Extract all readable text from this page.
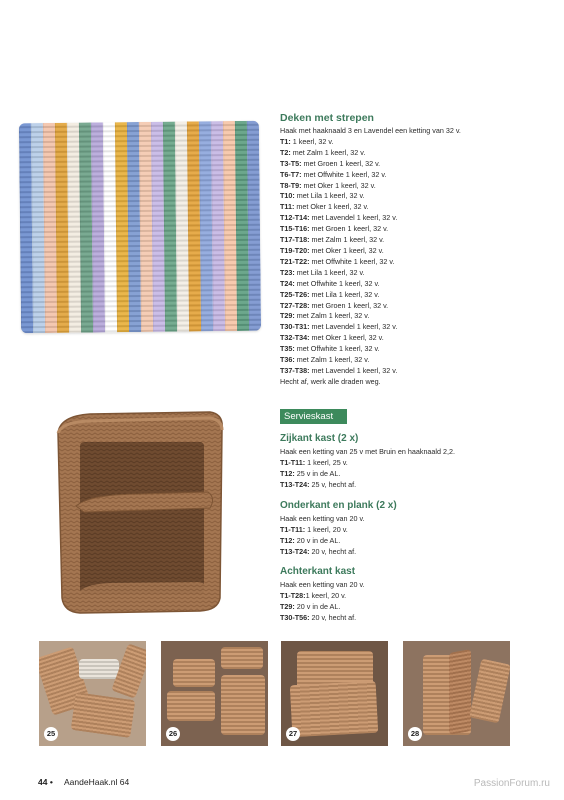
Deken met strepen
Haak met haaknaald 3 en Lavendel een ketting van 32 v.
T1: 1 keerl, 32 v.
T2: met Zalm 1 keerl, 32 v.
T3-T5: met Groen 1 keerl, 32 v.
T6-T7: met Offwhite 1 keerl, 32 v.
T8-T9: met Oker 1 keerl, 32 v.
T10: met Lila 1 keerl, 32 v.
T11: met Oker 1 keerl, 32 v.
T12-T14: met Lavendel 1 keerl, 32 v.
T15-T16: met Groen 1 keerl, 32 v.
T17-T18: met Zalm 1 keerl, 32 v.
T19-T20: met Oker 1 keerl, 32 v.
T21-T22: met Offwhite 1 keerl, 32 v.
T23: met Lila 1 keerl, 32 v.
T24: met Offwhite 1 keerl, 32 v.
T25-T26: met Lila 1 keerl, 32 v.
T27-T28: met Groen 1 keerl, 32 v.
T29: met Zalm 1 keerl, 32 v.
T30-T31: met Lavendel 1 keerl, 32 v.
T32-T34: met Oker 1 keerl, 32 v.
T35: met Offwhite 1 keerl, 32 v.
T36: met Zalm 1 keerl, 32 v.
T37-T38: met Lavendel 1 keerl, 32 v.
Hecht af, werk alle draden weg.
Servieskast
Zijkant kast (2 x)
Haak een ketting van 25 v met Bruin en haaknaald 2,2.
T1-T11: 1 keerl, 25 v.
T12: 25 v in de AL.
T13-T24: 25 v, hecht af.
Onderkant en plank (2 x)
Haak een ketting van 20 v.
T1-T11: 1 keerl, 20 v.
T12: 20 v in de AL.
T13-T24: 20 v, hecht af.
Achterkant kast
Haak een ketting van 20 v.
T1-T28:1 keerl, 20 v.
T29: 20 v in de AL.
T30-T56: 20 v, hecht af.
25	26	27	28
44 • AandeHaak.nl 64	PassionForum.ru
